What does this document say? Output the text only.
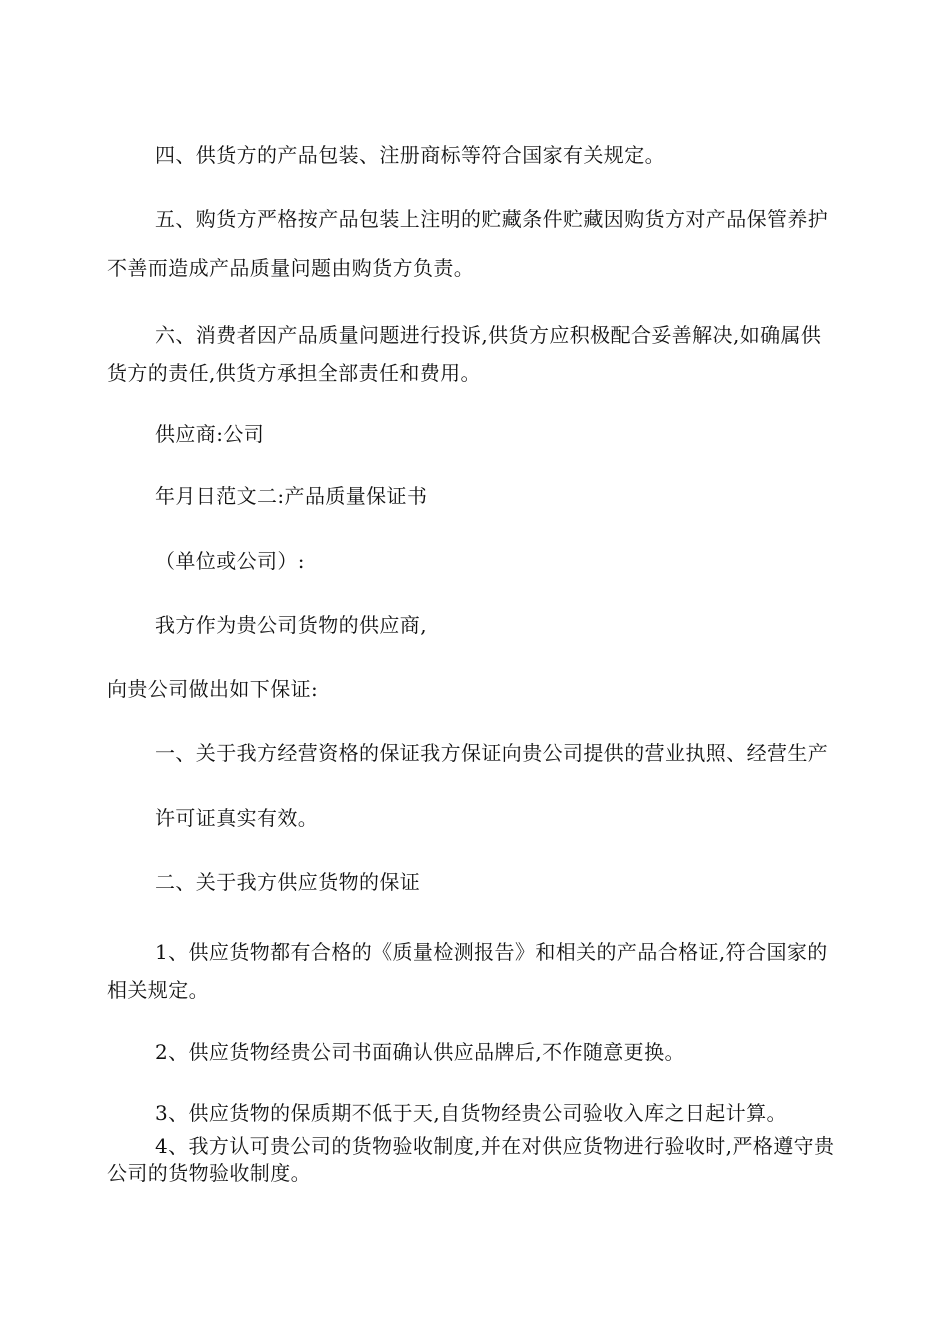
四、供货方的产品包装、注册商标等符合国家有关规定。
五、购货方严格按产品包装上注明的贮藏条件贮藏因购货方对产品保管养护
不善而造成产品质量问题由购货方负责。
六、消费者因产品质量问题进行投诉,供货方应积极配合妥善解决,如确属供
货方的责任,供货方承担全部责任和费用。
供应商:公司
年月日范文二:产品质量保证书
（单位或公司）:
我方作为贵公司货物的供应商,
向贵公司做出如下保证:
一、关于我方经营资格的保证我方保证向贵公司提供的营业执照、经营生产
许可证真实有效。
二、关于我方供应货物的保证
1、供应货物都有合格的《质量检测报告》和相关的产品合格证,符合国家的
相关规定。
2、供应货物经贵公司书面确认供应品牌后,不作随意更换。
3、供应货物的保质期不低于天,自货物经贵公司验收入库之日起计算。
4、我方认可贵公司的货物验收制度,并在对供应货物进行验收时,严格遵守贵
公司的货物验收制度。
